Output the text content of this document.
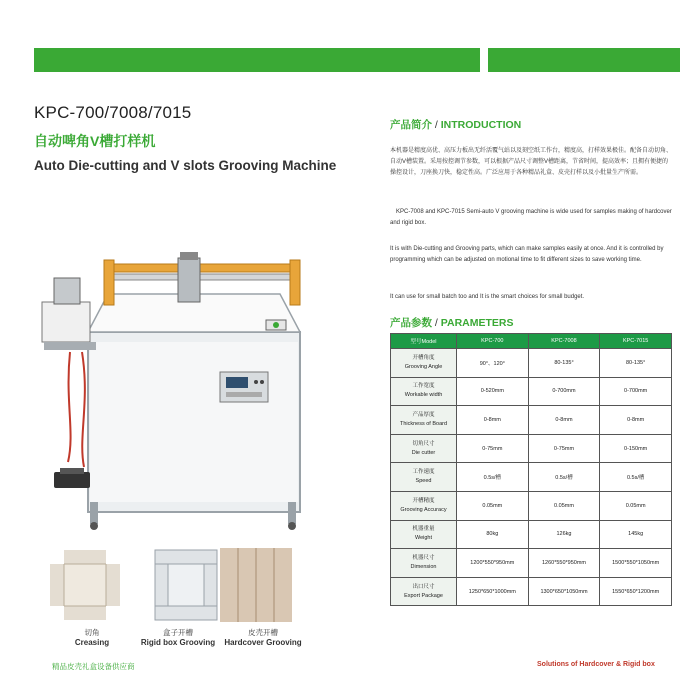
KPC-700/7008/7015
自动啤角V槽打样机
Auto Die-cutting and V slots Grooving Machine
切角
Creasing
盒子开槽
Rigid box Grooving
皮壳开槽
Hardcover Grooving
精品皮壳礼盒设备供应商
产品简介 / INTRODUCTION
本机器是精度高优、高压力板出无纤活覆气站以及刻空纸工作台，精度高，打样效果极佳。配备自动切角、自动V槽装置。采用按控调节参数，可以根据产品尺寸调整V槽距离，节省时间，提高效率；且拥有便捷的操控设计，刀座换刀快，稳定性高。广泛应用于各种精品礼盒、皮壳打样以及小批量生产所需。
KPC-7008 and KPC-7015 Semi-auto V grooving machine is wide used for samples making of hardcover and rigid box.
It is with Die-cutting and Grooving parts, which can make samples easily at once. And it is controlled by programming which can be adjusted on motional time to fit different sizes to save working time.
It can use for small batch too and It is the smart choices for small budget.
产品参数 / PARAMETERS
型号Model	KPC-700	KPC-7008	KPC-7015

开槽角度
Grooving Angle	90°、120°	80-135°	80-135°

工作宽度
Workable width	0-520mm	0-700mm	0-700mm

产品厚度
Thickness of Board	0-8mm	0-8mm	0-8mm

切角尺寸
Die cutter	0-75mm	0-75mm	0-150mm

工作速度
Speed	0.5s/槽	0.5s/槽	0.5s/槽

开槽精度
Grooving Accuracy	0.05mm	0.05mm	0.05mm

机器重量
Weight	80kg	126kg	145kg

机器尺寸
Dimension	1200*550*950mm	1260*550*950mm	1500*550*1050mm

出口尺寸
Export Package	1250*650*1000mm	1300*650*1050mm	1550*650*1200mm
Solutions of Hardcover & Rigid box
